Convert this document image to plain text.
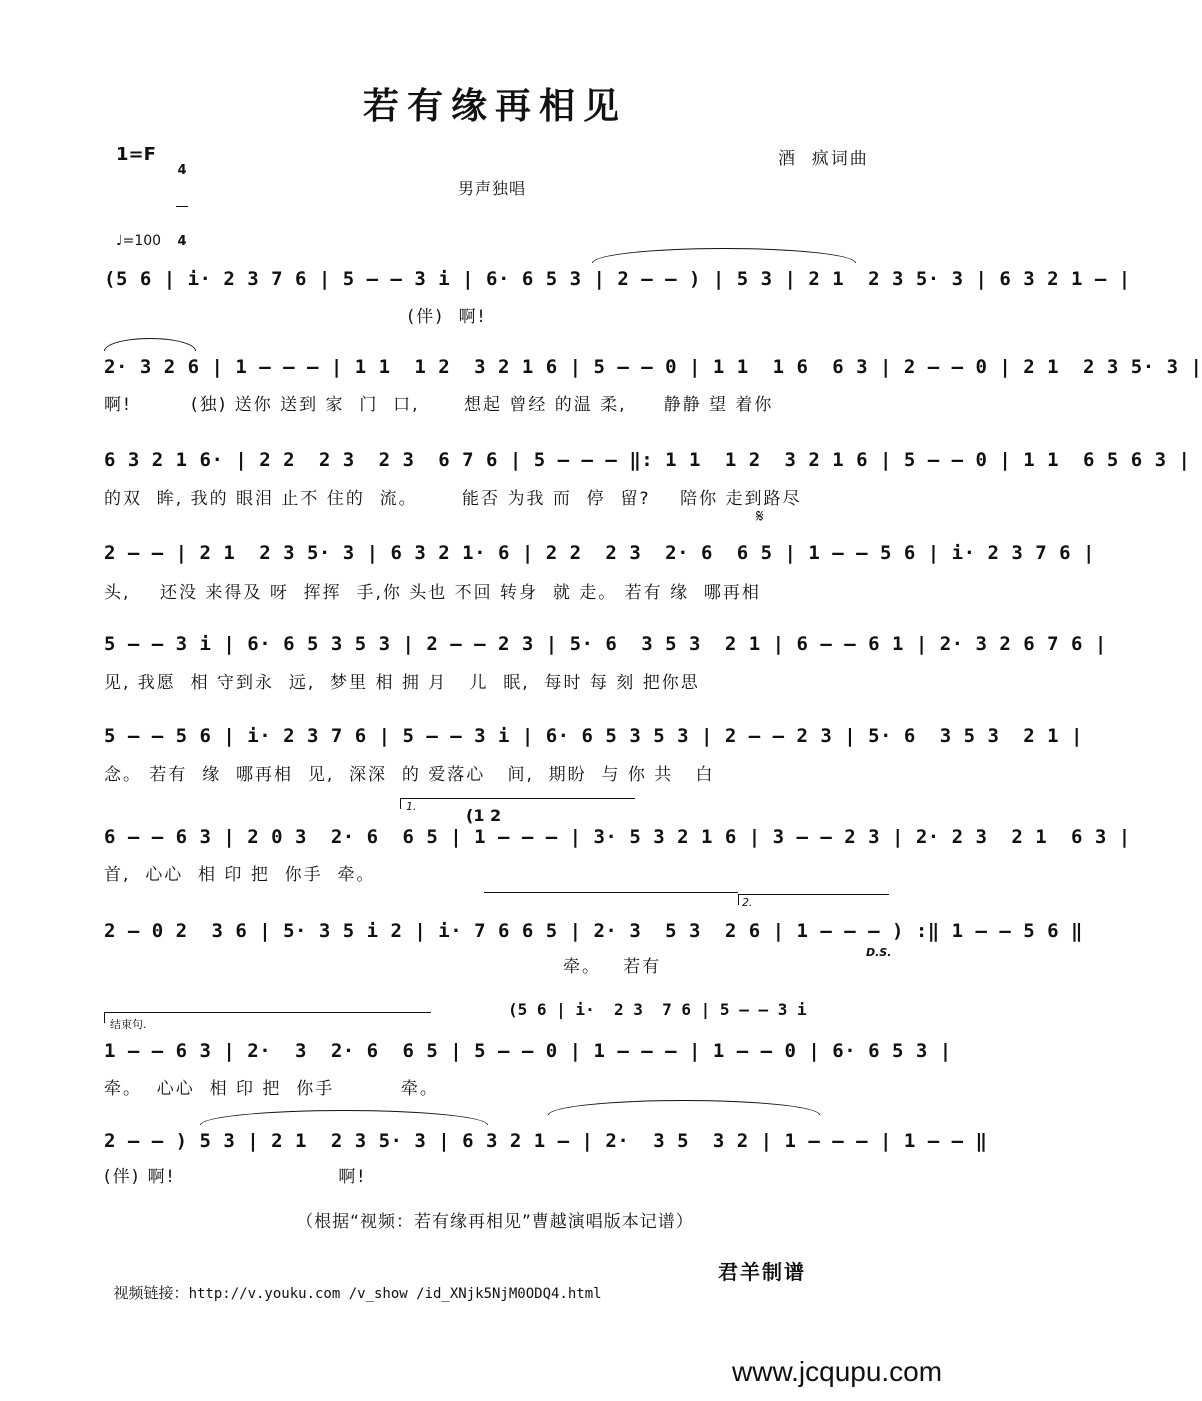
若有缘再相见
1=F

4

4

酒  疯词曲
男声独唱
♩=100
(5 6 | i· 2 3 7 6 | 5 – – 3 i | 6· 6 5 3 | 2 – – ) | 5 3 | 2 1  2 3 5· 3 | 6 3 2 1 – |
(伴)  啊!
2· 3 2 6 | 1 – – – | 1 1  1 2  3 2 1 6 | 5 – – 0 | 1 1  1 6  6 3 | 2 – – 0 | 2 1  2 3 5· 3 |
啊!        (独) 送你 送到 家  门  口,      想起 曾经 的温 柔,     静静 望 着你
6 3 2 1 6· | 2 2  2 3  2 3  6 7 6 | 5 – – – ‖: 1 1  1 2  3 2 1 6 | 5 – – 0 | 1 1  6 5 6 3 |
的双  眸, 我的 眼泪 止不 住的  流。      能否 为我 而  停  留?    陪你 走到路尽
𝄋
2 – – | 2 1  2 3 5· 3 | 6 3 2 1· 6 | 2 2  2 3  2· 6  6 5 | 1 – – 5 6 | i· 2 3 7 6 |
头,    还没 来得及 呀  挥挥  手,你 头也 不回 转身  就 走。 若有 缘  哪再相
5 – – 3 i | 6· 6 5 3 5 3 | 2 – – 2 3 | 5· 6  3 5 3  2 1 | 6 – – 6 1 | 2· 3 2 6 7 6 |
见, 我愿  相 守到永  远,  梦里 相 拥 月   儿  眠,  每时 每 刻 把你思
5 – – 5 6 | i· 2 3 7 6 | 5 – – 3 i | 6· 6 5 3 5 3 | 2 – – 2 3 | 5· 6  3 5 3  2 1 |
念。 若有  缘  哪再相  见,  深深  的 爱落心   间,  期盼  与 你 共   白
1.	(1 2
6 – – 6 3 | 2 0 3  2· 6  6 5 | 1 – – – | 3· 5 3 2 1 6 | 3 – – 2 3 | 2· 2 3  2 1  6 3 |
首,  心心  相 印 把  你手  牵。
2.
2 – 0 2  3 6 | 5· 3 5 i 2 | i· 7 6 6 5 | 2· 3  5 3  2 6 | 1 – – – ) :‖ 1 – – 5 6 ‖
牵。   若有
D.S.
(5 6 | i·  2 3  7 6 | 5 – – 3 i
结束句.
1 – – 6 3 | 2·  3  2· 6  6 5 | 5 – – 0 | 1 – – – | 1 – – 0 | 6· 6 5 3 |
牵。  心心  相 印 把  你手         牵。
2 – – ) 5 3 | 2 1  2 3 5· 3 | 6 3 2 1 – | 2·  3 5  3 2 | 1 – – – | 1 – – ‖
(伴) 啊!                      啊!
（根据“视频：若有缘再相见”曹越演唱版本记谱）

视频链接：http://v.youku.com /v_show /id_XNjk5NjM0ODQ4.html

君羊制谱
www.jcqupu.com
